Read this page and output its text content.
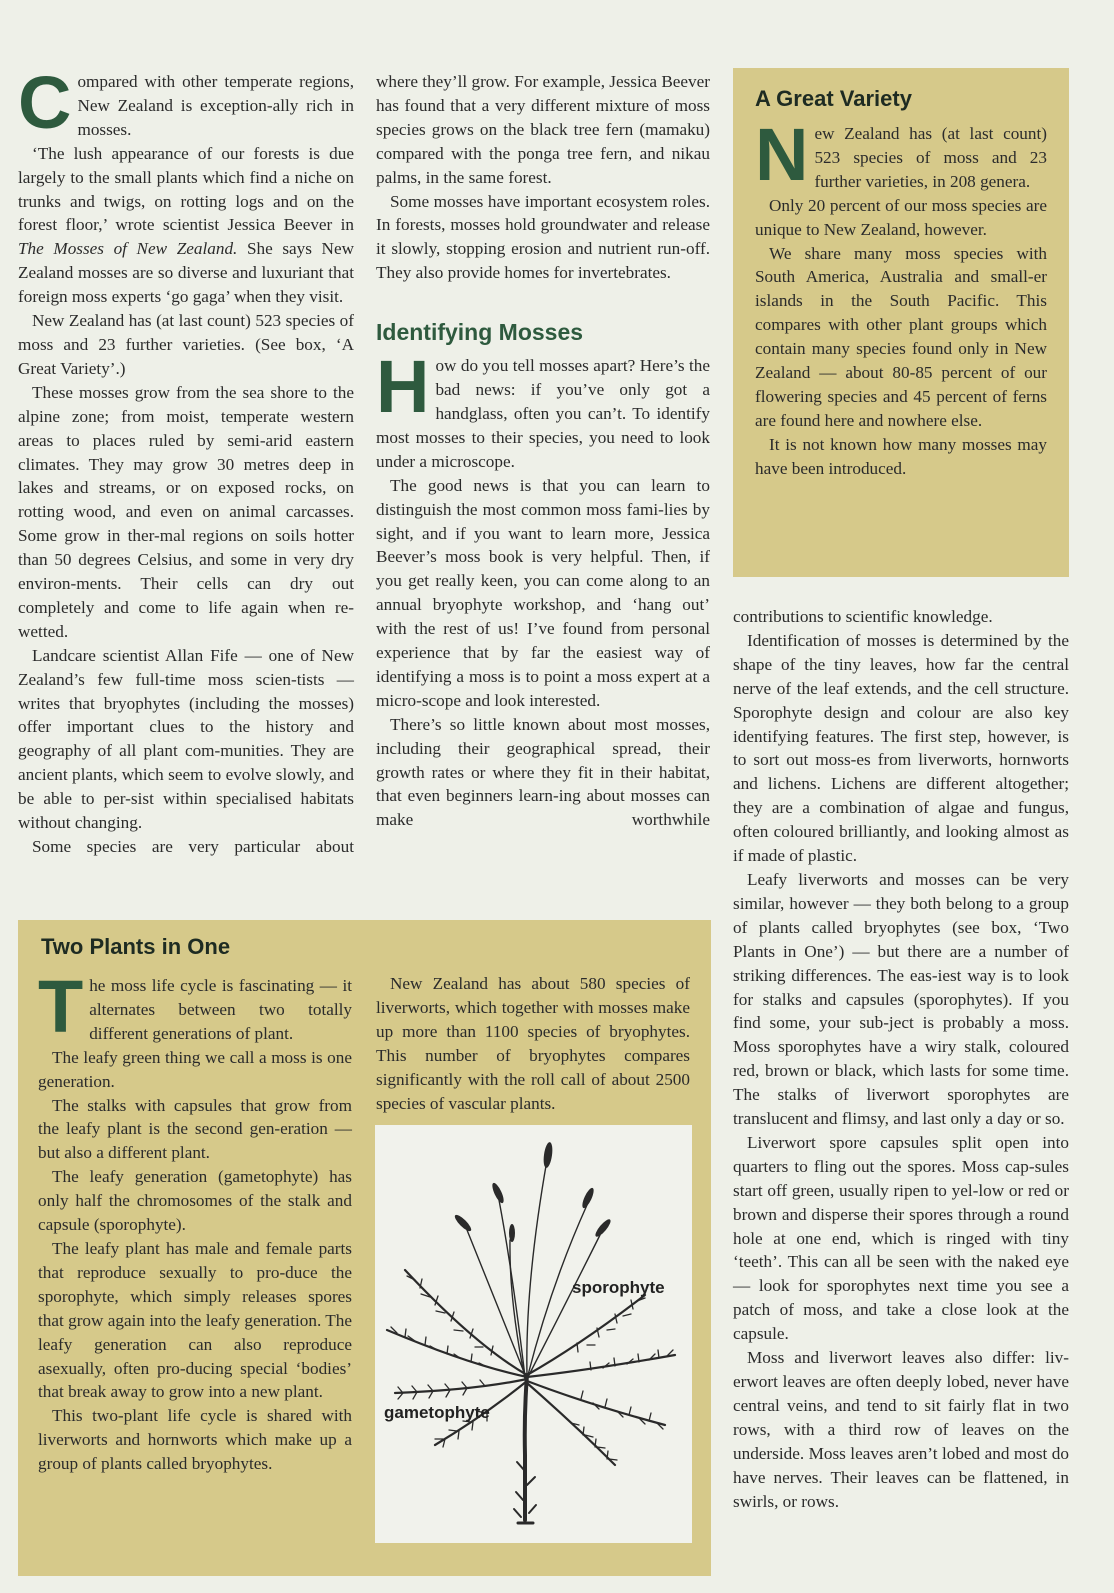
Compared with other temperate regions, New Zealand is exception-ally rich in mosses.

‘The lush appearance of our forests is due largely to the small plants which find a niche on trunks and twigs, on rotting logs and on the forest floor,’ wrote scientist Jessica Beever in The Mosses of New Zealand. She says New Zealand mosses are so diverse and luxuriant that foreign moss experts ‘go gaga’ when they visit.

New Zealand has (at last count) 523 species of moss and 23 further varieties. (See box, ‘A Great Variety’.)

These mosses grow from the sea shore to the alpine zone; from moist, temperate western areas to places ruled by semi-arid eastern climates. They may grow 30 metres deep in lakes and streams, or on exposed rocks, on rotting wood, and even on animal carcasses. Some grow in ther-mal regions on soils hotter than 50 degrees Celsius, and some in very dry environ-ments. Their cells can dry out completely and come to life again when re-wetted.

Landcare scientist Allan Fife — one of New Zealand’s few full-time moss scien-tists — writes that bryophytes (including the mosses) offer important clues to the history and geography of all plant com-munities. They are ancient plants, which seem to evolve slowly, and be able to per-sist within specialised habitats without changing.

Some species are very particular about

where they’ll grow. For example, Jessica Beever has found that a very different mixture of moss species grows on the black tree fern (mamaku) compared with the ponga tree fern, and nikau palms, in the same forest.

Some mosses have important ecosystem roles. In forests, mosses hold groundwater and release it slowly, stopping erosion and nutrient run-off. They also provide homes for invertebrates.

Identifying Mosses

How do you tell mosses apart? Here’s the bad news: if you’ve only got a handglass, often you can’t. To identify most mosses to their species, you need to look under a microscope.

The good news is that you can learn to distinguish the most common moss fami-lies by sight, and if you want to learn more, Jessica Beever’s moss book is very helpful. Then, if you get really keen, you can come along to an annual bryophyte workshop, and ‘hang out’ with the rest of us! I’ve found from personal experience that by far the easiest way of identifying a moss is to point a moss expert at a micro-scope and look interested.

There’s so little known about most mosses, including their geographical spread, their growth rates or where they fit in their habitat, that even beginners learn-ing about mosses can make worthwhile

A Great Variety

New Zealand has (at last count) 523 species of moss and 23 further varieties, in 208 genera.

Only 20 percent of our moss species are unique to New Zealand, however.

We share many moss species with South America, Australia and small-er islands in the South Pacific. This compares with other plant groups which contain many species found only in New Zealand — about 80-85 percent of our flowering species and 45 percent of ferns are found here and nowhere else.

It is not known how many mosses may have been introduced.

contributions to scientific knowledge.

Identification of mosses is determined by the shape of the tiny leaves, how far the central nerve of the leaf extends, and the cell structure. Sporophyte design and colour are also key identifying features. The first step, however, is to sort out moss-es from liverworts, hornworts and lichens. Lichens are different altogether; they are a combination of algae and fungus, often coloured brilliantly, and looking almost as if made of plastic.

Leafy liverworts and mosses can be very similar, however — they both belong to a group of plants called bryophytes (see box, ‘Two Plants in One’) — but there are a number of striking differences. The eas-iest way is to look for stalks and capsules (sporophytes). If you find some, your sub-ject is probably a moss. Moss sporophytes have a wiry stalk, coloured red, brown or black, which lasts for some time. The stalks of liverwort sporophytes are translucent and flimsy, and last only a day or so.

Liverwort spore capsules split open into quarters to fling out the spores. Moss cap-sules start off green, usually ripen to yel-low or red or brown and disperse their spores through a round hole at one end, which is ringed with tiny ‘teeth’. This can all be seen with the naked eye — look for sporophytes next time you see a patch of moss, and take a close look at the capsule.

Moss and liverwort leaves also differ: liv-erwort leaves are often deeply lobed, never have central veins, and tend to sit fairly flat in two rows, with a third row of leaves on the underside. Moss leaves aren’t lobed and most do have nerves. Their leaves can be flattened, in swirls, or rows.

Two Plants in One

The moss life cycle is fascinating — it alternates between two totally different generations of plant.

The leafy green thing we call a moss is one generation.

The stalks with capsules that grow from the leafy plant is the second gen-eration — but also a different plant.

The leafy generation (gametophyte) has only half the chromosomes of the stalk and capsule (sporophyte).

The leafy plant has male and female parts that reproduce sexually to pro-duce the sporophyte, which simply releases spores that grow again into the leafy generation. The leafy generation can also reproduce asexually, often pro-ducing special ‘bodies’ that break away to grow into a new plant.

This two-plant life cycle is shared with liverworts and hornworts which make up a group of plants called bryophytes.

New Zealand has about 580 species of liverworts, which together with mosses make up more than 1100 species of bryophytes. This number of bryophytes compares significantly with the roll call of about 2500 species of vascular plants.

sporophyte
gametophyte
